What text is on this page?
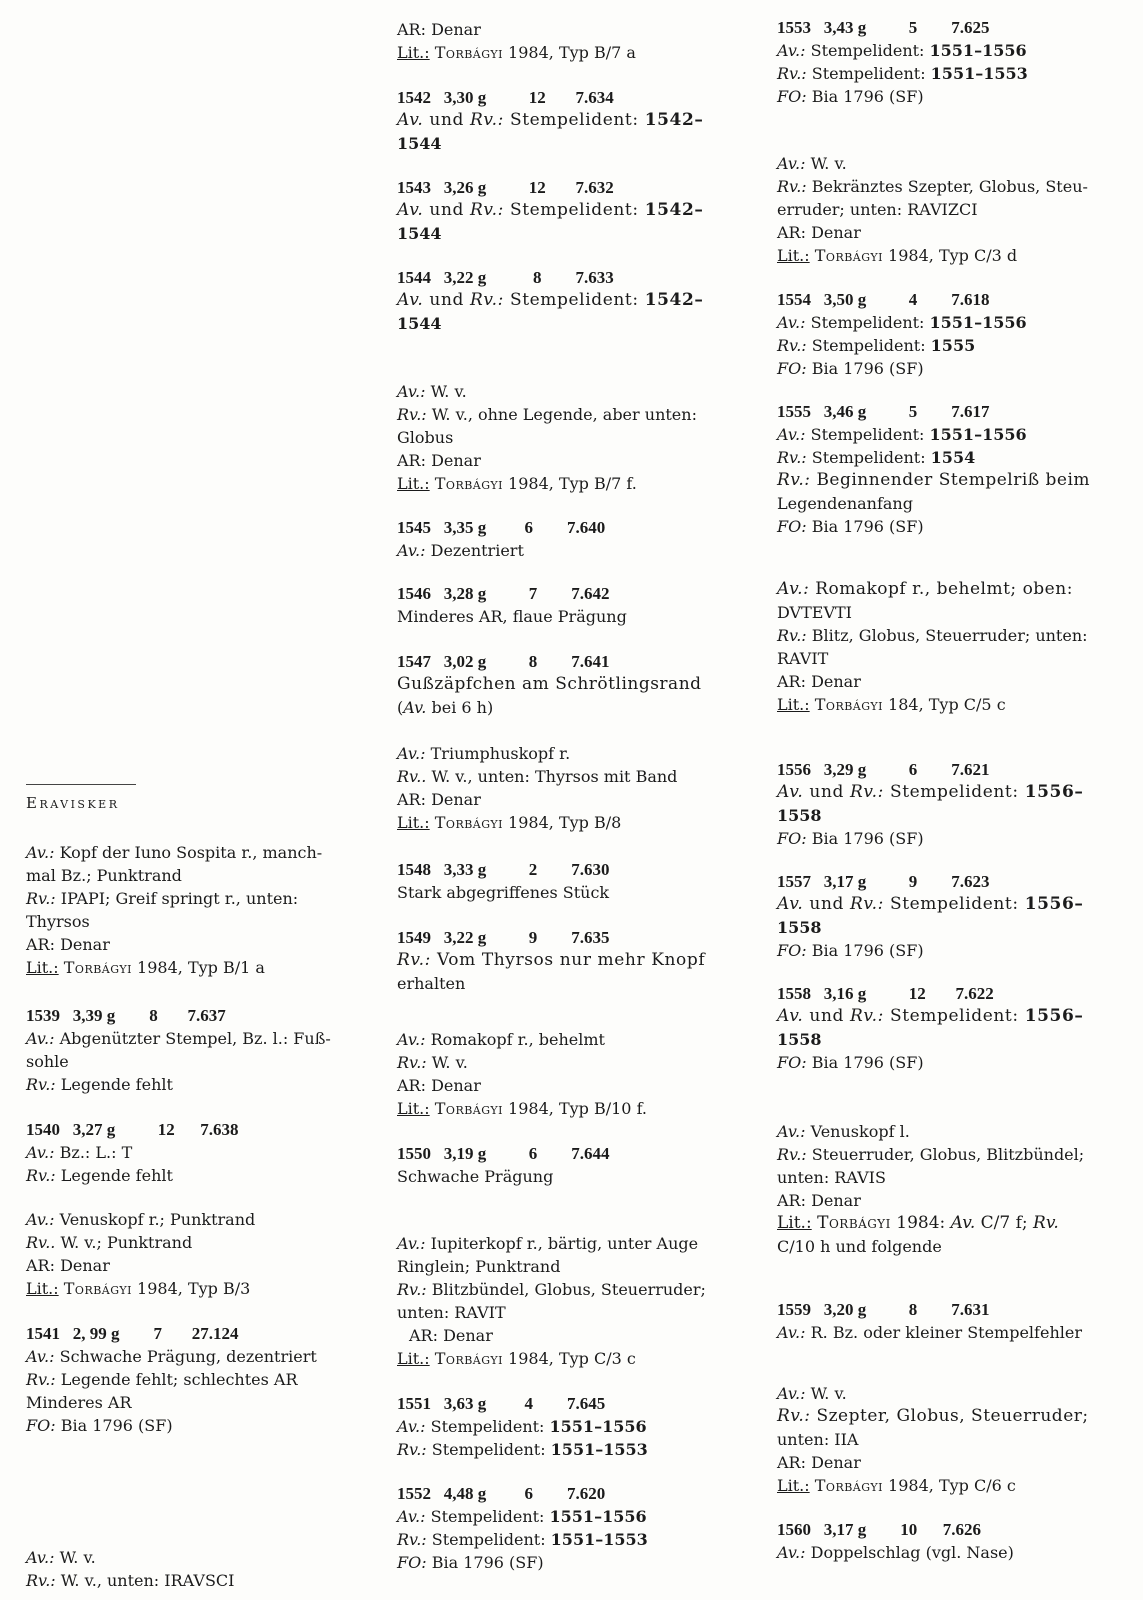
Eravisker
Av.: Kopf der Iuno Sospita r., manch-
mal Bz.; Punktrand
Rv.: IPAPI; Greif springt r., unten:
Thyrsos
AR: Denar
Lit.: Torbágyi 1984, Typ B/1 a
1539 3,39 g 8 7.637
Av.: Abgenützter Stempel, Bz. l.: Fuß-
sohle
Rv.: Legende fehlt
1540 3,27 g	12 7.638
Av.: Bz.: L.: T
Rv.: Legende fehlt
Av.: Venuskopf r.; Punktrand
Rv.. W. v.; Punktrand
AR: Denar
Lit.: Torbágyi 1984, Typ B/3
1541 2, 99 g 7 27.124
Av.: Schwache Prägung, dezentriert
Rv.: Legende fehlt; schlechtes AR
Minderes AR
FO: Bia 1796 (SF)
Av.: W. v.
Rv.: W. v., unten: IRAVSCI
AR: Denar
Lit.: Torbágyi 1984, Typ B/7 a
1542 3,30 g	12 7.634
Av. und Rv.: Stempelident: 1542–
1544
1543 3,26 g	12 7.632
Av. und Rv.: Stempelident: 1542–
1544
1544 3,22 g	8 7.633
Av. und Rv.: Stempelident: 1542–
1544
Av.: W. v.
Rv.: W. v., ohne Legende, aber unten:
Globus
AR: Denar
Lit.: Torbágyi 1984, Typ B/7 f.
1545 3,35 g 6 7.640
Av.: Dezentriert
1546 3,28 g	7 7.642
Minderes AR, flaue Prägung
1547 3,02 g	8 7.641
Gußzäpfchen am Schrötlingsrand
(Av. bei 6 h)
Av.: Triumphuskopf r.
Rv.. W. v., unten: Thyrsos mit Band
AR: Denar
Lit.: Torbágyi 1984, Typ B/8
1548 3,33 g	2 7.630
Stark abgegriffenes Stück
1549 3,22 g	9 7.635
Rv.: Vom Thyrsos nur mehr Knopf
erhalten
Av.: Romakopf r., behelmt
Rv.: W. v.
AR: Denar
Lit.: Torbágyi 1984, Typ B/10 f.
1550 3,19 g	6 7.644
Schwache Prägung
Av.: Iupiterkopf r., bärtig, unter Auge
Ringlein; Punktrand
Rv.: Blitzbündel, Globus, Steuerruder;
unten: RAVIT
AR: Denar
Lit.: Torbágyi 1984, Typ C/3 c
1551 3,63 g 4 7.645
Av.: Stempelident: 1551–1556
Rv.: Stempelident: 1551–1553
1552 4,48 g 6 7.620
Av.: Stempelident: 1551–1556
Rv.: Stempelident: 1551–1553
FO: Bia 1796 (SF)
1553 3,43 g	5 7.625
Av.: Stempelident: 1551–1556
Rv.: Stempelident: 1551–1553
FO: Bia 1796 (SF)
Av.: W. v.
Rv.: Bekränztes Szepter, Globus, Steu-
erruder; unten: RAVIZCI
AR: Denar
Lit.: Torbágyi 1984, Typ C/3 d
1554 3,50 g	4 7.618
Av.: Stempelident: 1551–1556
Rv.: Stempelident: 1555
FO: Bia 1796 (SF)
1555 3,46 g	5 7.617
Av.: Stempelident: 1551–1556
Rv.: Stempelident: 1554
Rv.: Beginnender Stempelriß beim
Legendenanfang
FO: Bia 1796 (SF)
Av.: Romakopf r., behelmt; oben:
DVTEVTI
Rv.: Blitz, Globus, Steuerruder; unten:
RAVIT
AR: Denar
Lit.: Torbágyi 184, Typ C/5 c
1556 3,29 g	6 7.621
Av. und Rv.: Stempelident: 1556–
1558
FO: Bia 1796 (SF)
1557 3,17 g	9 7.623
Av. und Rv.: Stempelident: 1556–
1558
FO: Bia 1796 (SF)
1558 3,16 g	12 7.622
Av. und Rv.: Stempelident: 1556–
1558
FO: Bia 1796 (SF)
Av.: Venuskopf l.
Rv.: Steuerruder, Globus, Blitzbündel;
unten: RAVIS
AR: Denar
Lit.: Torbágyi 1984: Av. C/7 f; Rv.
C/10 h und folgende
1559 3,20 g	8 7.631
Av.: R. Bz. oder kleiner Stempelfehler
Av.: W. v.
Rv.: Szepter, Globus, Steuerruder;
unten: IIA
AR: Denar
Lit.: Torbágyi 1984, Typ C/6 c
1560 3,17 g 10 7.626
Av.: Doppelschlag (vgl. Nase)
